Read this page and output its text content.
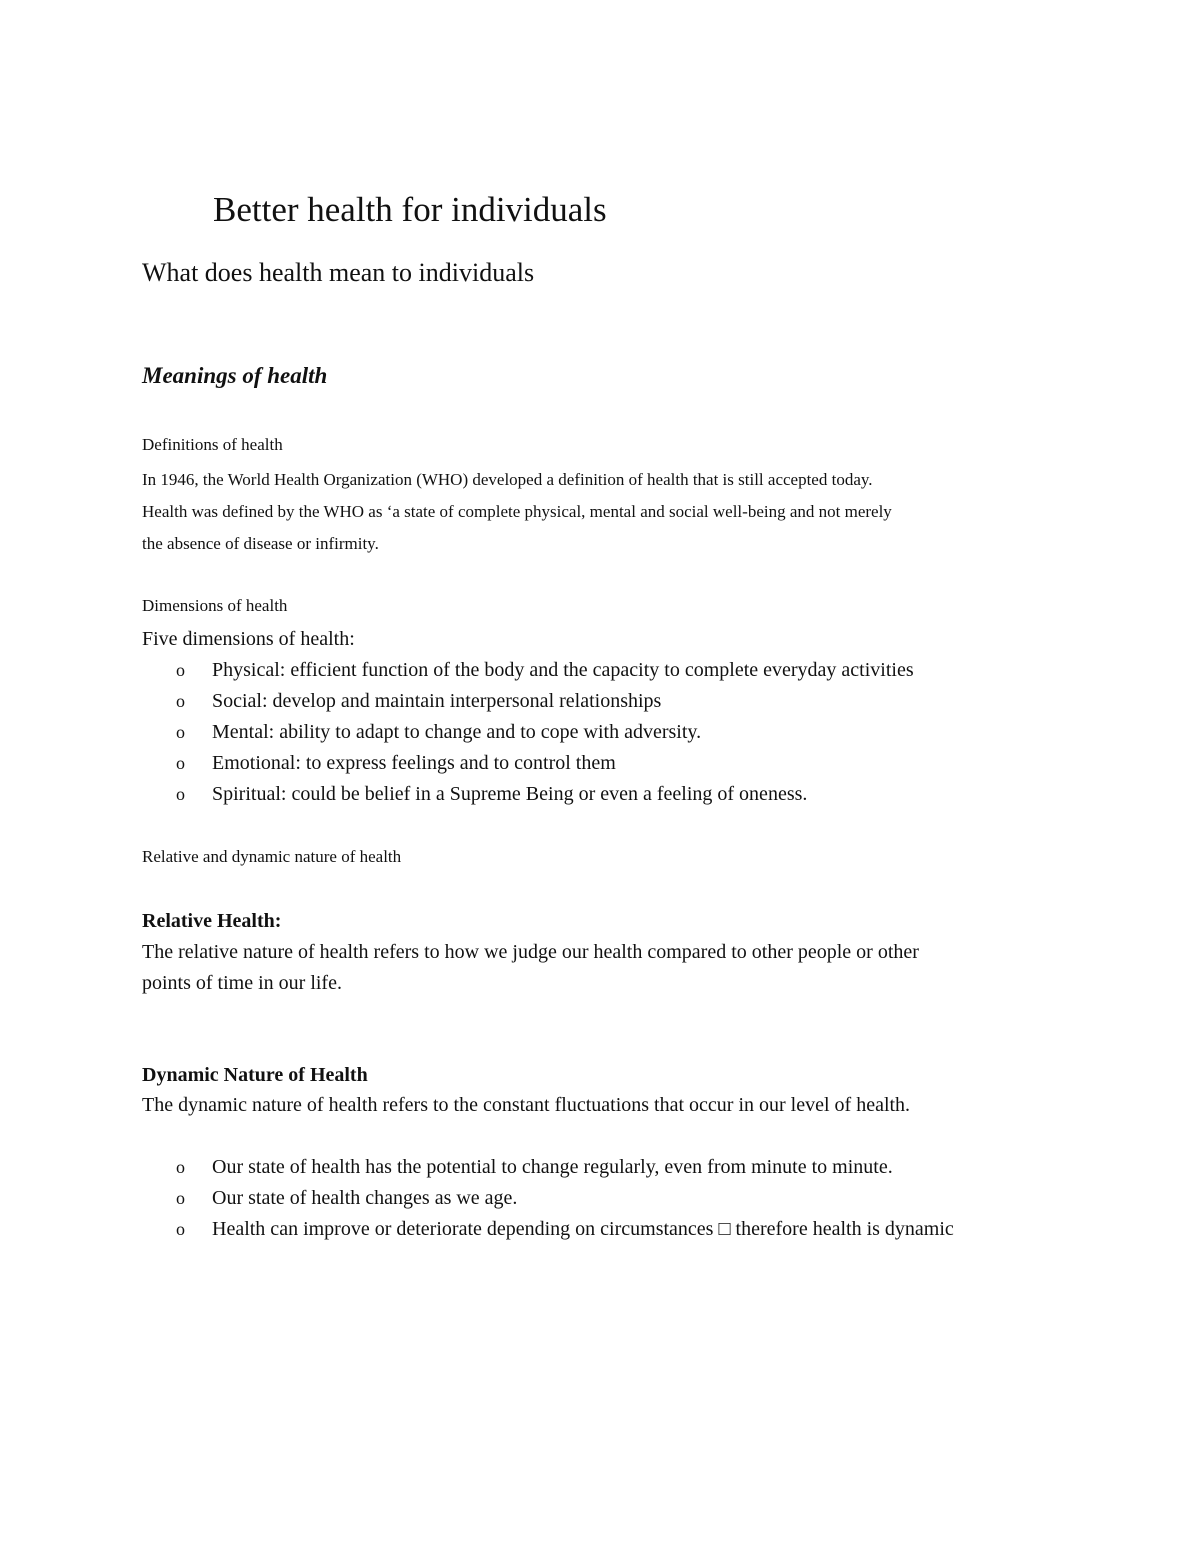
Better health for individuals
What does health mean to individuals
Meanings of health
Definitions of health
In 1946, the World Health Organization (WHO) developed a definition of health that is still accepted today.
Health was defined by the WHO as ‘a state of complete physical, mental and social well-being and not merely
the absence of disease or infirmity.
Dimensions of health
Five dimensions of health:
o Physical: efficient function of the body and the capacity to complete everyday activities
o Social: develop and maintain interpersonal relationships
o Mental: ability to adapt to change and to cope with adversity.
o Emotional: to express feelings and to control them
o Spiritual: could be belief in a Supreme Being or even a feeling of oneness.
Relative and dynamic nature of health
Relative Health:
The relative nature of health refers to how we judge our health compared to other people or other
points of time in our life.
Dynamic Nature of Health
The dynamic nature of health refers to the constant fluctuations that occur in our level of health.
o Our state of health has the potential to change regularly, even from minute to minute.
o Our state of health changes as we age.
o Health can improve or deteriorate depending on circumstances □ therefore health is dynamic
